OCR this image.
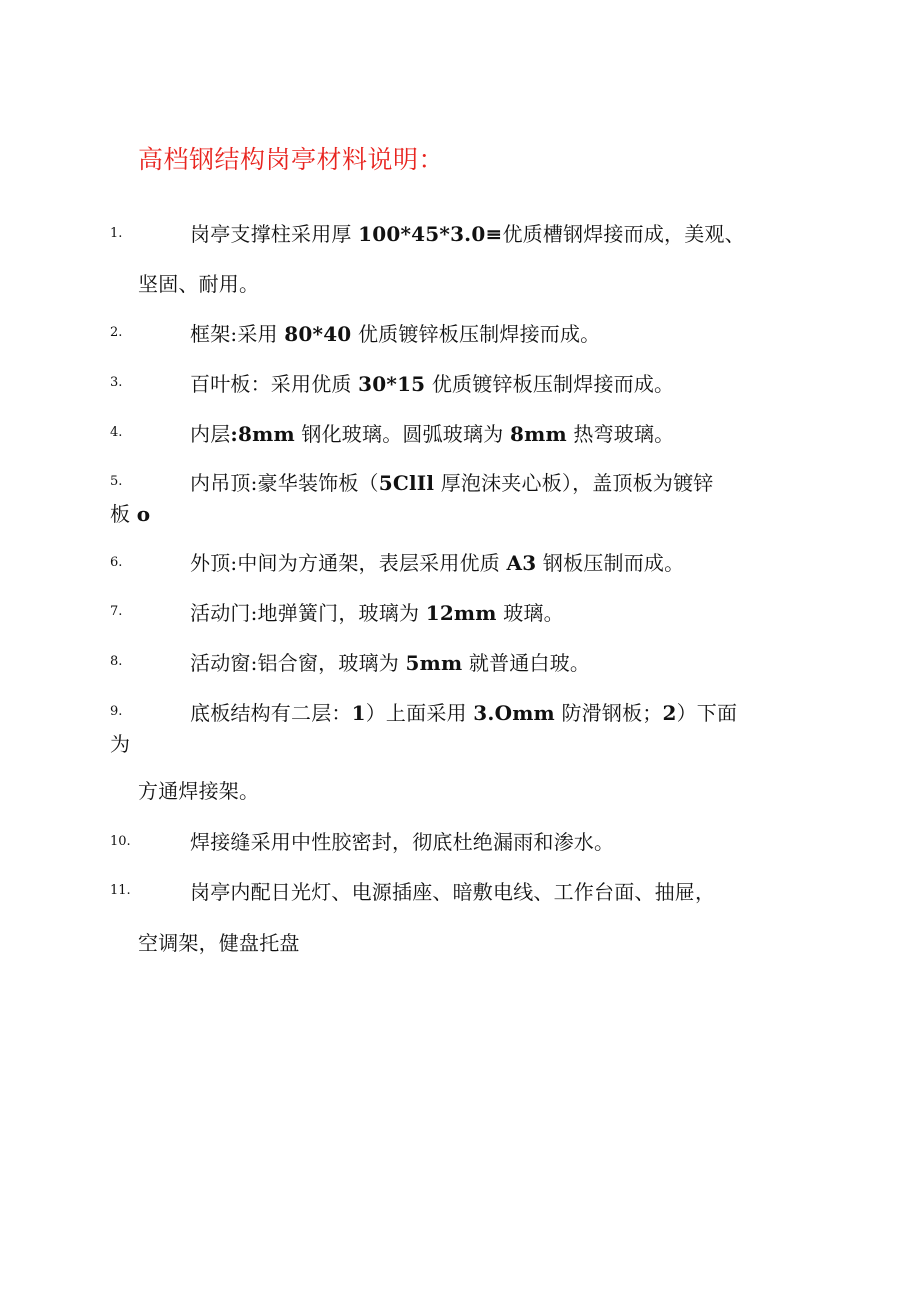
高档钢结构岗亭材料说明：
1.	岗亭支撑柱采用厚 100*45*3.0≡优质槽钢焊接而成，美观、
坚固、耐用。
2.	框架:采用 80*40 优质镀锌板压制焊接而成。
3.	百叶板：采用优质 30*15 优质镀锌板压制焊接而成。
4.	内层:8mm 钢化玻璃。圆弧玻璃为 8mm 热弯玻璃。
5.	内吊顶:豪华装饰板（5ClIl 厚泡沫夹心板），盖顶板为镀锌
板 o
6.	外顶:中间为方通架，表层采用优质 A3 钢板压制而成。
7.	活动门:地弹簧门，玻璃为 12mm 玻璃。
8.	活动窗:铝合窗，玻璃为 5mm 就普通白玻。
9.	底板结构有二层：1）上面采用 3.Omm 防滑钢板；2）下面
为
方通焊接架。
10.	焊接缝采用中性胶密封，彻底杜绝漏雨和渗水。
11.	岗亭内配日光灯、电源插座、暗敷电线、工作台面、抽屉，
空调架，健盘托盘
